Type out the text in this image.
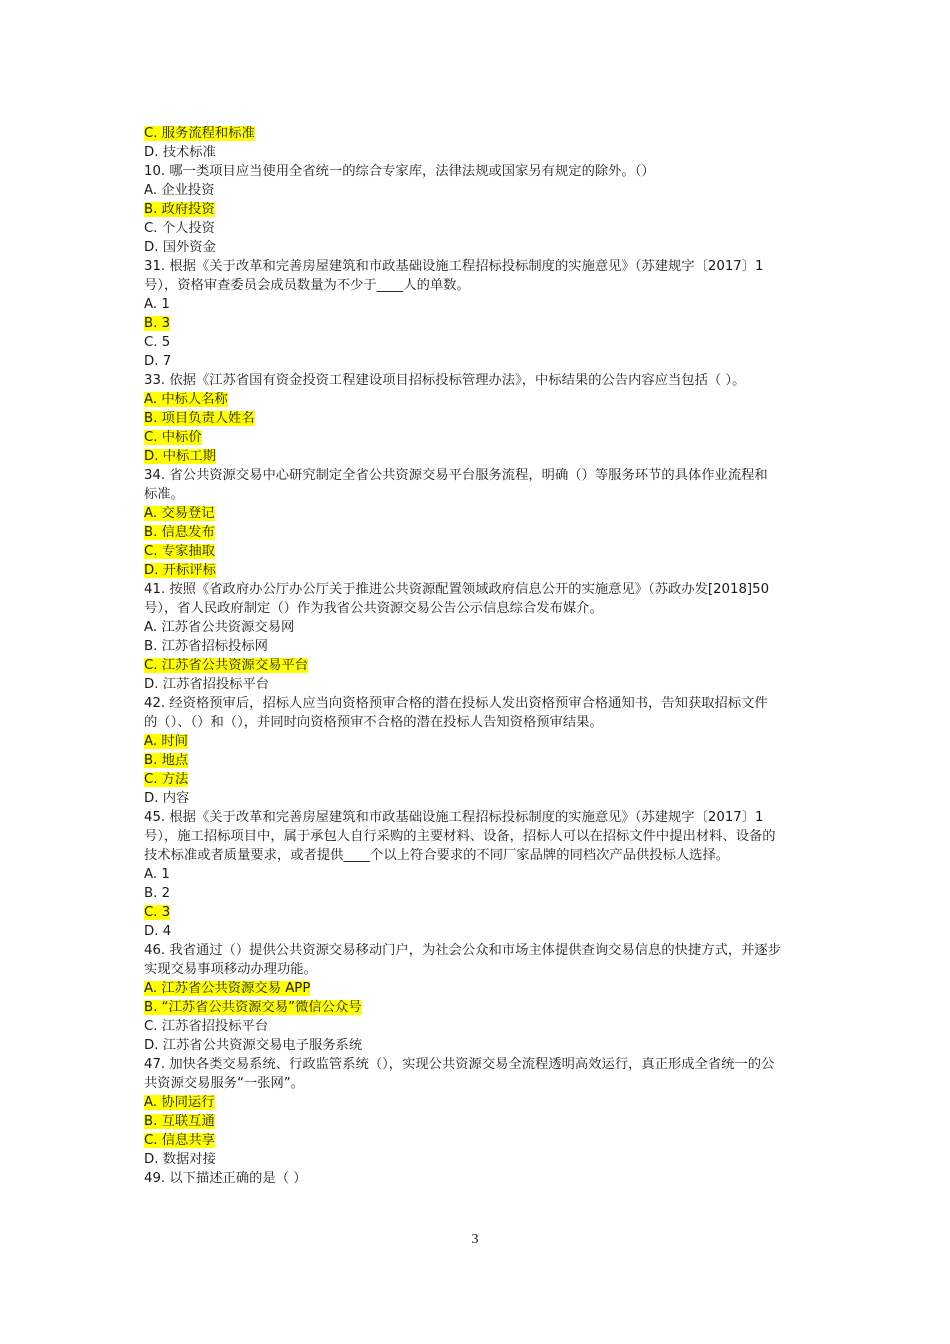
C. 服务流程和标准
D. 技术标准
10. 哪一类项目应当使用全省统一的综合专家库，法律法规或国家另有规定的除外。（）
A. 企业投资
B. 政府投资
C. 个人投资
D. 国外资金
31. 根据《关于改革和完善房屋建筑和市政基础设施工程招标投标制度的实施意见》（苏建规字〔2017〕1
号），资格审查委员会成员数量为不少于____人的单数。
A. 1
B. 3
C. 5
D. 7
33. 依据《江苏省国有资金投资工程建设项目招标投标管理办法》，中标结果的公告内容应当包括（ ）。
A. 中标人名称
B. 项目负责人姓名
C. 中标价
D. 中标工期
34. 省公共资源交易中心研究制定全省公共资源交易平台服务流程，明确（）等服务环节的具体作业流程和
标准。
A. 交易登记
B. 信息发布
C. 专家抽取
D. 开标评标
41. 按照《省政府办公厅办公厅关于推进公共资源配置领域政府信息公开的实施意见》（苏政办发[2018]50
号），省人民政府制定（）作为我省公共资源交易公告公示信息综合发布媒介。
A. 江苏省公共资源交易网
B. 江苏省招标投标网
C. 江苏省公共资源交易平台
D. 江苏省招投标平台
42. 经资格预审后，招标人应当向资格预审合格的潜在投标人发出资格预审合格通知书，告知获取招标文件
的（）、（）和（），并同时向资格预审不合格的潜在投标人告知资格预审结果。
A. 时间
B. 地点
C. 方法
D. 内容
45. 根据《关于改革和完善房屋建筑和市政基础设施工程招标投标制度的实施意见》（苏建规字〔2017〕1
号），施工招标项目中，属于承包人自行采购的主要材料、设备，招标人可以在招标文件中提出材料、设备的
技术标准或者质量要求，或者提供____个以上符合要求的不同厂家品牌的同档次产品供投标人选择。
A. 1
B. 2
C. 3
D. 4
46. 我省通过（）提供公共资源交易移动门户，为社会公众和市场主体提供查询交易信息的快捷方式，并逐步
实现交易事项移动办理功能。
A. 江苏省公共资源交易 APP
B. “江苏省公共资源交易”微信公众号
C. 江苏省招投标平台
D. 江苏省公共资源交易电子服务系统
47. 加快各类交易系统、行政监管系统（），实现公共资源交易全流程透明高效运行，真正形成全省统一的公
共资源交易服务“一张网”。
A. 协同运行
B. 互联互通
C. 信息共享
D. 数据对接
49. 以下描述正确的是（ ）
3
